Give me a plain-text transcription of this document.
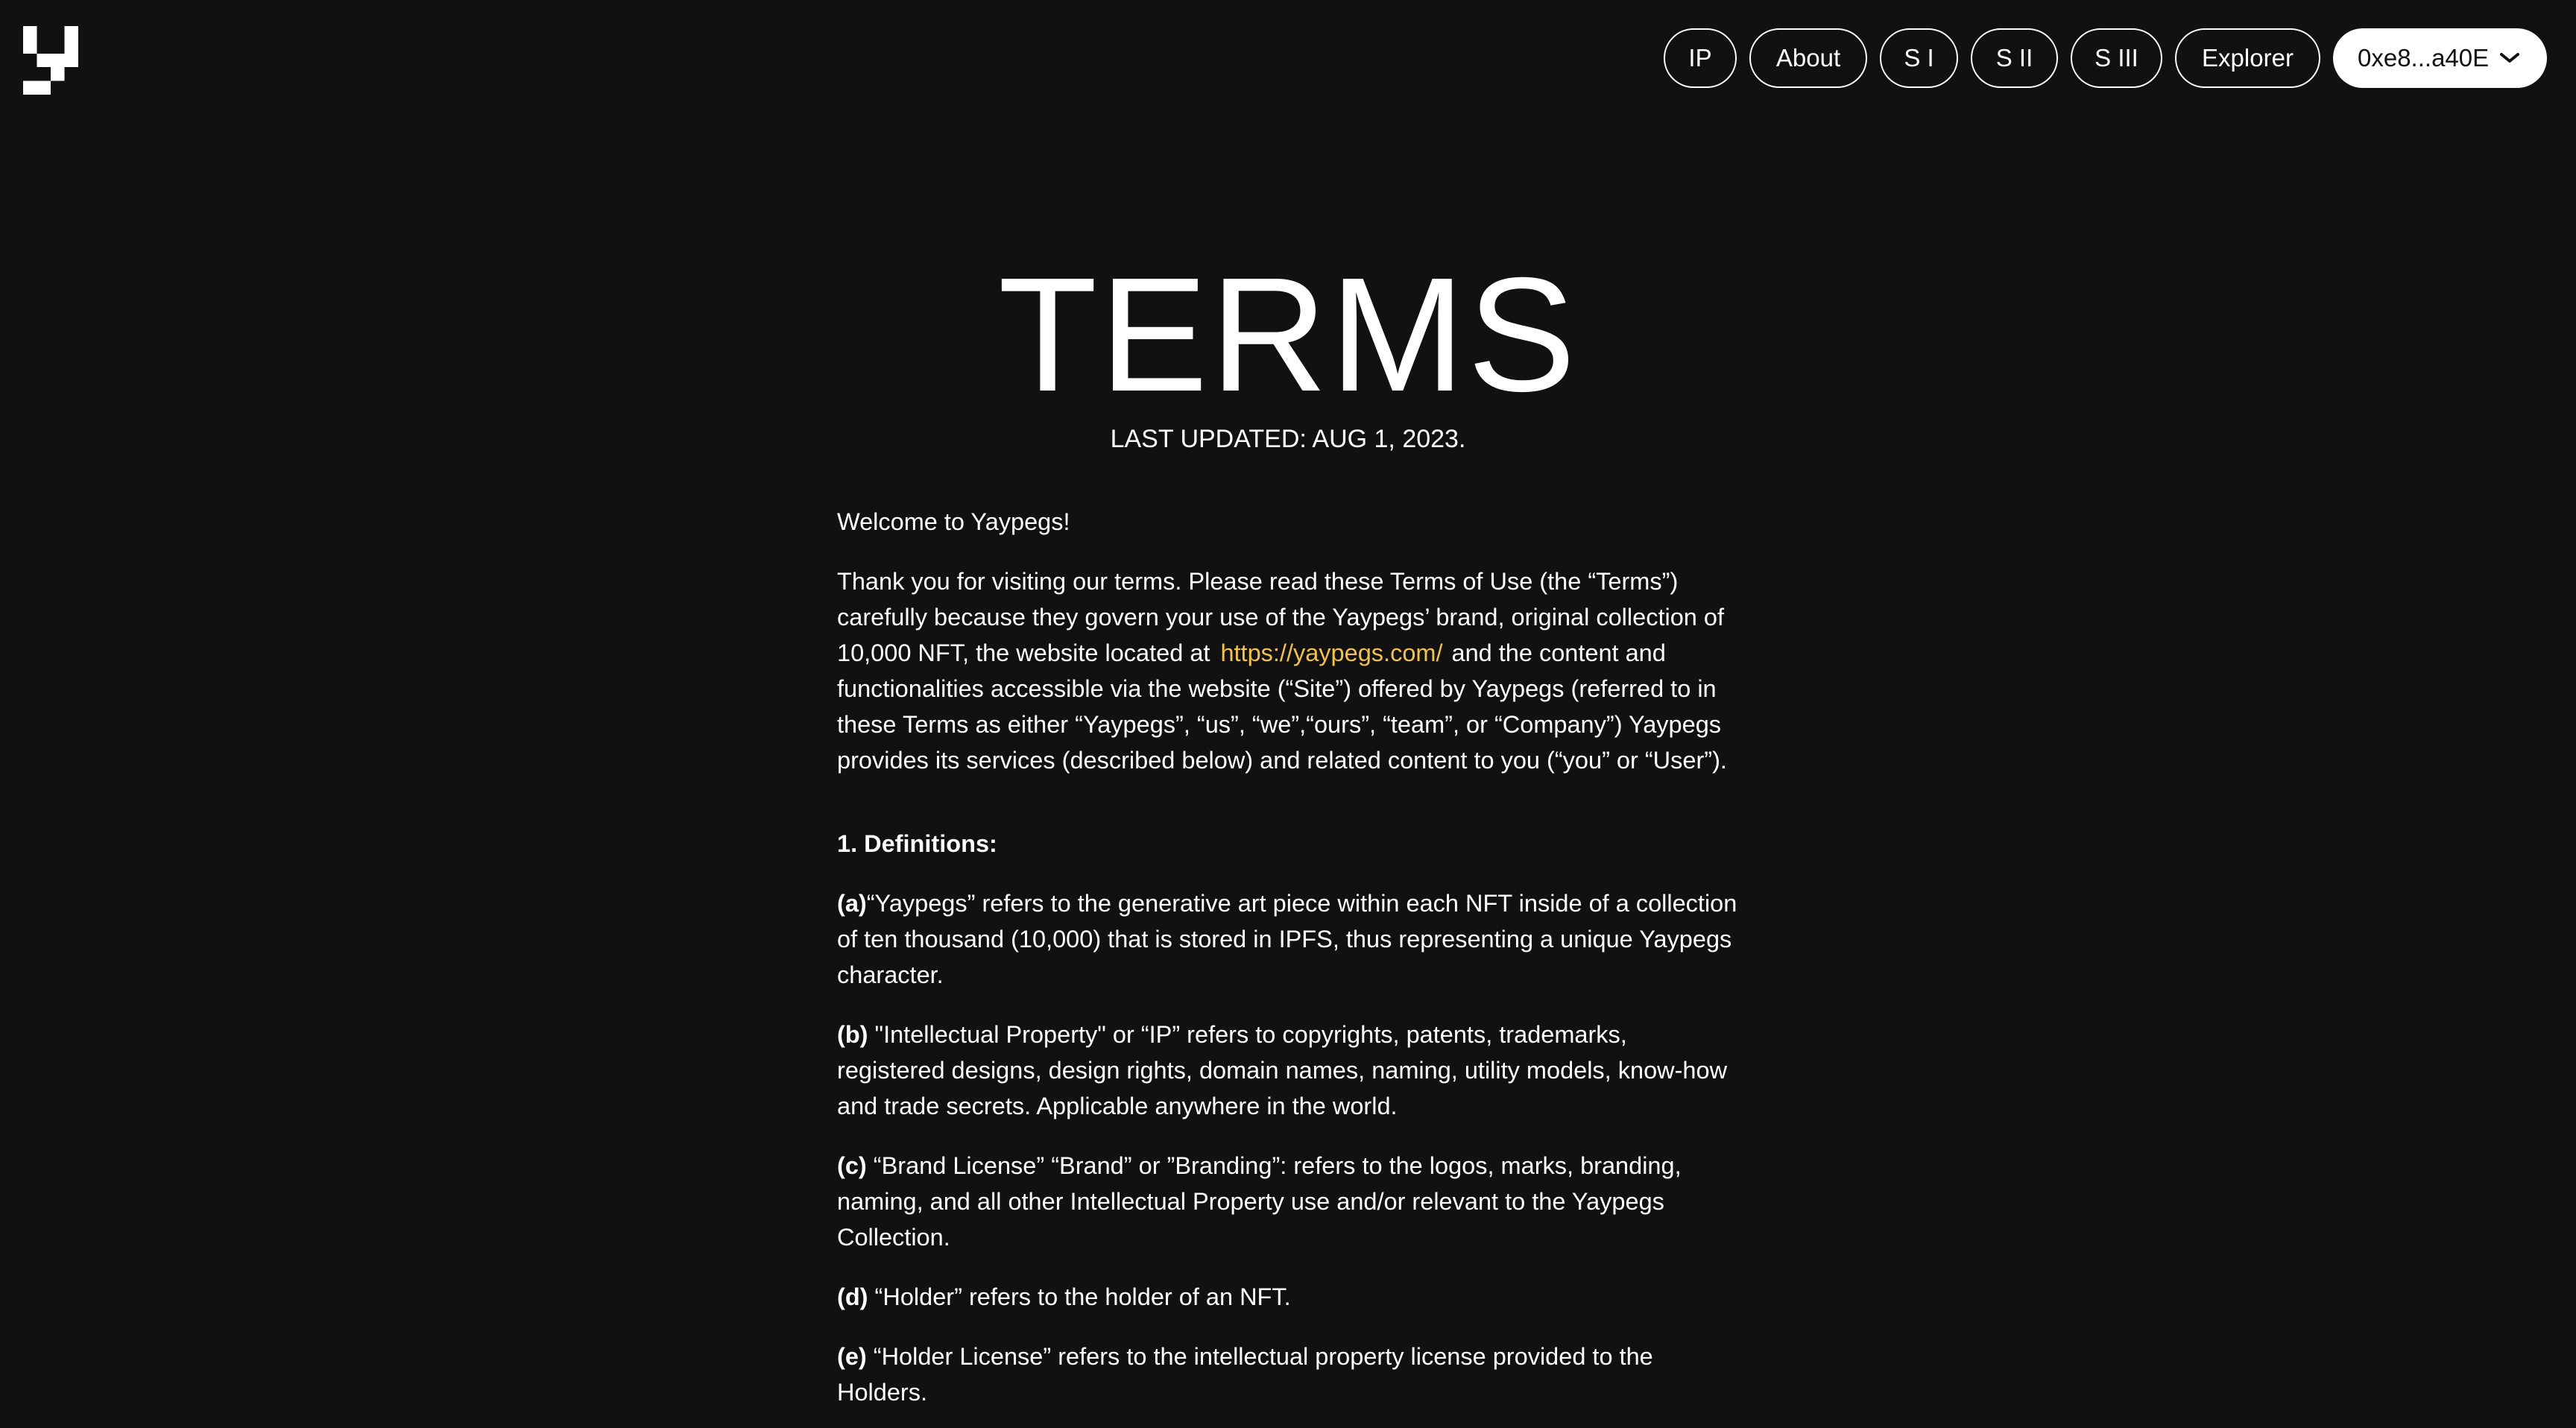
IP	About	S I	S II	S III	Explorer	0xe8...a40E
TERMS
LAST UPDATED: AUG 1, 2023.

Welcome to Yaypegs!

Thank you for visiting our terms. Please read these Terms of Use (the “Terms”) carefully because they govern your use of the Yaypegs’ brand, original collection of 10,000 NFT, the website located at https://yaypegs.com/ and the content and functionalities accessible via the website (“Site”) offered by Yaypegs (referred to in these Terms as either “Yaypegs”, “us”, “we”,“ours”, “team”, or “Company”) Yaypegs provides its services (described below) and related content to you (“you” or “User”).

1. Definitions:

(a)“Yaypegs” refers to the generative art piece within each NFT inside of a collection of ten thousand (10,000) that is stored in IPFS, thus representing a unique Yaypegs character.

(b) "Intellectual Property" or “IP” refers to copyrights, patents, trademarks, registered designs, design rights, domain names, naming, utility models, know-how and trade secrets. Applicable anywhere in the world.

(c) “Brand License” “Brand” or ”Branding”: refers to the logos, marks, branding, naming, and all other Intellectual Property use and/or relevant to the Yaypegs Collection.

(d) “Holder” refers to the holder of an NFT.

(e) “Holder License” refers to the intellectual property license provided to the Holders.
